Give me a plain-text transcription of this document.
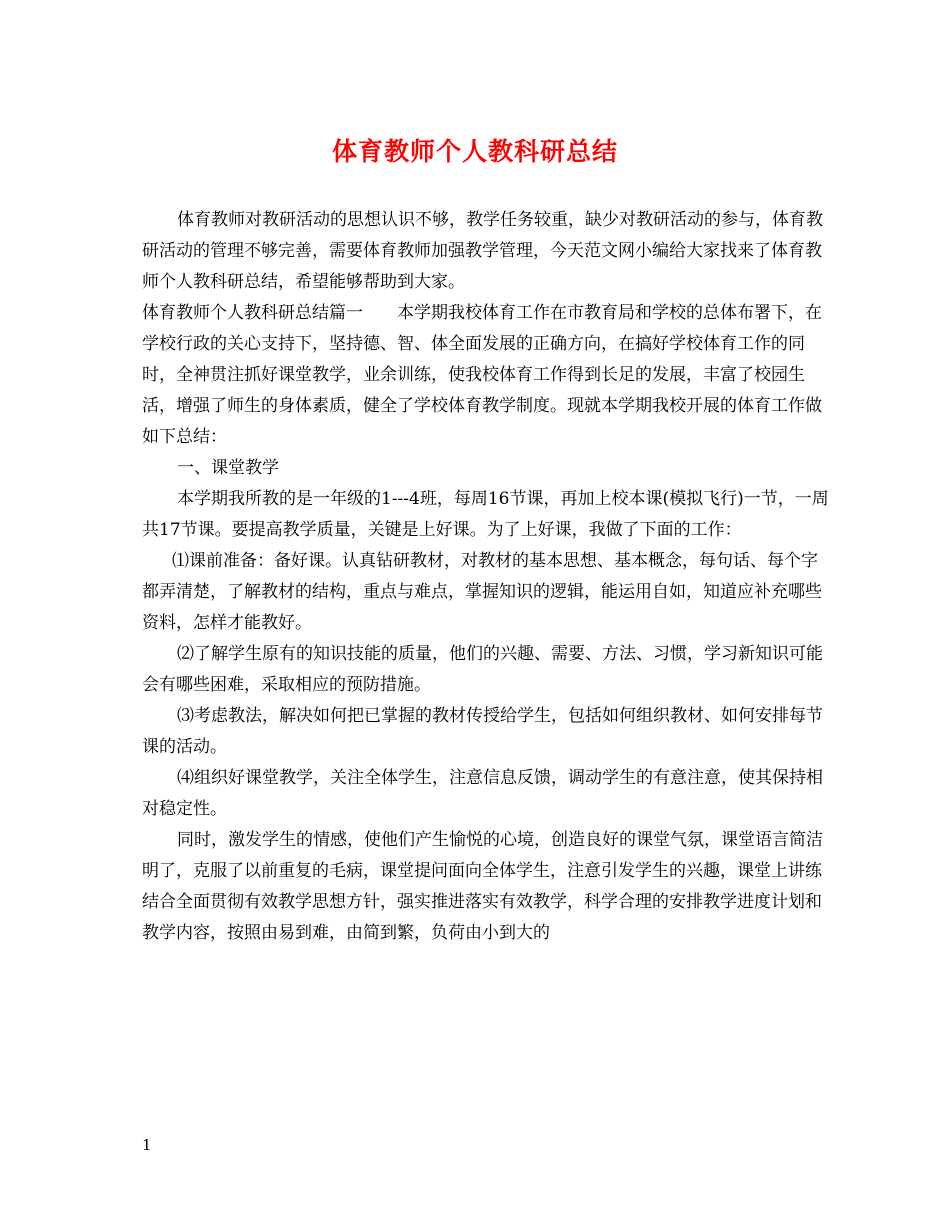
体育教师个人教科研总结

体育教师对教研活动的思想认识不够，教学任务较重，缺少对教研活动的参与，体育教研活动的管理不够完善，需要体育教师加强教学管理，今天范文网小编给大家找来了体育教师个人教科研总结，希望能够帮助到大家。

体育教师个人教科研总结篇一　　本学期我校体育工作在市教育局和学校的总体布署下，在学校行政的关心支持下，坚持德、智、体全面发展的正确方向，在搞好学校体育工作的同时，全神贯注抓好课堂教学，业余训练，使我校体育工作得到长足的发展，丰富了校园生活，增强了师生的身体素质，健全了学校体育教学制度。现就本学期我校开展的体育工作做如下总结：

一、课堂教学

本学期我所教的是一年级的1---4班，每周16节课，再加上校本课(模拟飞行)一节，一周共17节课。要提高教学质量，关键是上好课。为了上好课，我做了下面的工作：

⑴课前准备：备好课。认真钻研教材，对教材的基本思想、基本概念，每句话、每个字都弄清楚，了解教材的结构，重点与难点，掌握知识的逻辑，能运用自如，知道应补充哪些资料，怎样才能教好。

⑵了解学生原有的知识技能的质量，他们的兴趣、需要、方法、习惯，学习新知识可能会有哪些困难，采取相应的预防措施。

⑶考虑教法，解决如何把已掌握的教材传授给学生，包括如何组织教材、如何安排每节课的活动。

⑷组织好课堂教学，关注全体学生，注意信息反馈，调动学生的有意注意，使其保持相对稳定性。

同时，激发学生的情感，使他们产生愉悦的心境，创造良好的课堂气氛，课堂语言简洁明了，克服了以前重复的毛病，课堂提问面向全体学生，注意引发学生的兴趣，课堂上讲练结合全面贯彻有效教学思想方针，强实推进落实有效教学，科学合理的安排教学进度计划和教学内容，按照由易到难，由简到繁，负荷由小到大的

1
